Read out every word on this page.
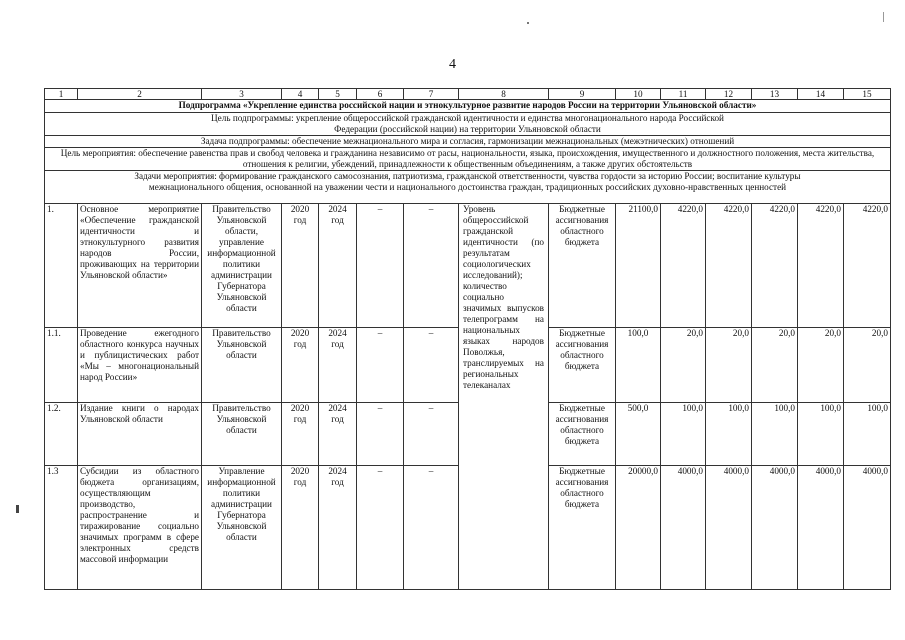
4
1	2	3	4	5	6	7	8	9	10	11	12	13	14	15
Подпрограмма «Укрепление единства российской нации и этнокультурное развитие народов России на территории Ульяновской области»														
Цель подпрограммы: укрепление общероссийской гражданской идентичности и единства многонационального народа Российской Федерации (российской нации) на территории Ульяновской области														
Задача подпрограммы: обеспечение межнационального мира и согласия, гармонизации межнациональных (межэтнических) отношений														
Цель мероприятия: обеспечение равенства прав и свобод человека и гражданина независимо от расы, национальности, языка, происхождения, имущественного и должностного положения, места жительства, отношения к религии, убеждений, принадлежности к общественным объединениям, а также других обстоятельств														
Задачи мероприятия: формирование гражданского самосознания, патриотизма, гражданской ответственности, чувства гордости за историю России; воспитание культуры межнационального общения, основанной на уважении чести и национального достоинства граждан, традиционных российских духовно-нравственных ценностей														
1.	Основное мероприятие «Обеспечение гражданской идентичности и этнокультурного развития народов России, проживающих на территории Ульяновской области»	Правительство Ульяновской области, управление информационной политики администрации Губернатора Ульяновской области	2020 год	2024 год	–	–	Уровень общероссийской гражданской идентичности (по результатам социологических исследований); количество социально значимых выпусков телепрограмм на национальных языках народов Поволжья, транслируемых на региональных телеканалах	Бюджетные ассигнования областного бюджета	21100,0	4220,0	4220,0	4220,0	4220,0	4220,0
1.1.	Проведение ежегодного областного конкурса научных и публицистических работ «Мы – многонациональный народ России»	Правительство Ульяновской области	2020 год	2024 год	–	–		Бюджетные ассигнования областного бюджета	100,0	20,0	20,0	20,0	20,0	20,0
1.2.	Издание книги о народах Ульяновской области	Правительство Ульяновской области	2020 год	2024 год	–	–		Бюджетные ассигнования областного бюджета	500,0	100,0	100,0	100,0	100,0	100,0
1.3	Субсидии из областного бюджета организациям, осуществляющим производство, распространение и тиражирование социально значимых программ в сфере электронных средств массовой информации	Управление информационной политики администрации Губернатора Ульяновской области	2020 год	2024 год	–	–		Бюджетные ассигнования областного бюджета	20000,0	4000,0	4000,0	4000,0	4000,0	4000,0
